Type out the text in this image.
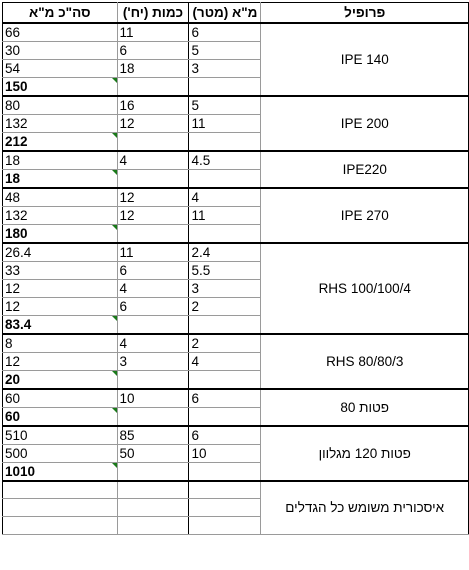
פרופיל	מ"א (מטר)	כמות (יח')	סה"כ מ"א
IPE 140	6	11	66
	5	6	30
	3	18	54
			150
IPE 200	5	16	80
	11	12	132
			212
IPE220	4.5	4	18
			18
IPE 270	4	12	48
	11	12	132
			180
RHS 100/100/4	2.4	11	26.4
	5.5	6	33
	3	4	12
	2	6	12
			83.4
RHS 80/80/3	2	4	8
	4	3	12
			20
פטות 80	6	10	60
			60
פטות 120 מגלוון	6	85	510
	10	50	500
			1010
איסכורית משומש כל הגדלים			
